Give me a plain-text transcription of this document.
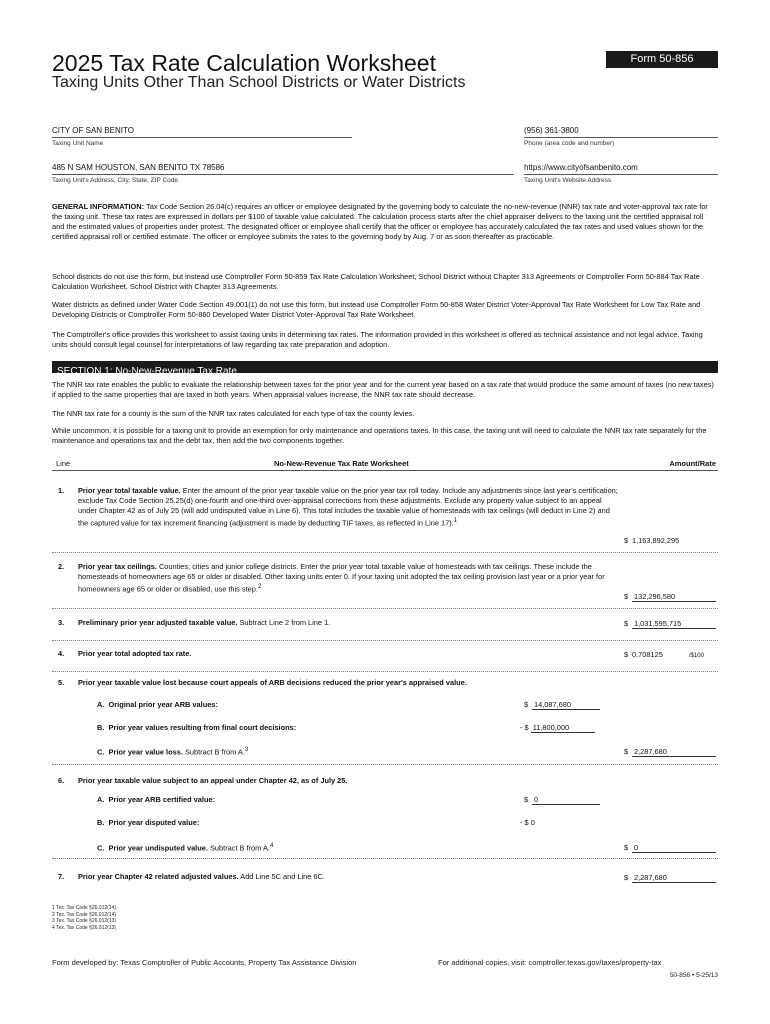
2025 Tax Rate Calculation Worksheet
Taxing Units Other Than School Districts or Water Districts
Form 50-856
CITY OF SAN BENITO
Taxing Unit Name
(956) 361-3800
Phone (area code and number)
485 N SAM HOUSTON, SAN BENITO TX 78586
Taxing Unit's Address, City, State, ZIP Code
https://www.cityofsanbenito.com
Taxing Unit's Website Address
GENERAL INFORMATION: Tax Code Section 26.04(c) requires an officer or employee designated by the governing body to calculate the no-new-revenue (NNR) tax rate and voter-approval tax rate for the taxing unit. These tax rates are expressed in dollars per $100 of taxable value calculated. The calculation process starts after the chief appraiser delivers to the taxing unit the certified appraisal roll and the estimated values of properties under protest. The designated officer or employee shall certify that the officer or employee has accurately calculated the tax rates and used values shown for the certified appraisal roll or certified estimate. The officer or employee submits the rates to the governing body by Aug. 7 or as soon thereafter as practicable.
School districts do not use this form, but instead use Comptroller Form 50-859 Tax Rate Calculation Worksheet, School District without Chapter 313 Agreements or Comptroller Form 50-884 Tax Rate Calculation Worksheet, School District with Chapter 313 Agreements.
Water districts as defined under Water Code Section 49.001(1) do not use this form, but instead use Comptroller Form 50-858 Water District Voter-Approval Tax Rate Worksheet for Low Tax Rate and Developing Districts or Comptroller Form 50-860 Developed Water District Voter-Approval Tax Rate Worksheet.
The Comptroller's office provides this worksheet to assist taxing units in determining tax rates. The information provided in this worksheet is offered as technical assistance and not legal advice. Taxing units should consult legal counsel for interpretations of law regarding tax rate preparation and adoption.
SECTION 1: No-New-Revenue Tax Rate
The NNR tax rate enables the public to evaluate the relationship between taxes for the prior year and for the current year based on a tax rate that would produce the same amount of taxes (no new taxes) if applied to the same properties that are taxed in both years. When appraisal values increase, the NNR tax rate should decrease.
The NNR tax rate for a county is the sum of the NNR tax rates calculated for each type of tax the county levies.
While uncommon, it is possible for a taxing unit to provide an exemption for only maintenance and operations taxes. In this case, the taxing unit will need to calculate the NNR tax rate separately for the maintenance and operations tax and the debt tax, then add the two components together.
Line	No-New-Revenue Tax Rate Worksheet	Amount/Rate
1. Prior year total taxable value. Enter the amount of the prior year taxable value on the prior year tax roll today. Include any adjustments since last year's certification; exclude Tax Code Section 25.25(d) one-fourth and one-third over-appraisal corrections from these adjustments. Exclude any property value subject to an appeal under Chapter 42 as of July 25 (will add undisputed value in Line 6). This total includes the taxable value of homesteads with tax ceilings (will deduct in Line 2) and the captured value for tax increment financing (adjustment is made by deducting TIF taxes, as reflected in Line 17).$^1$
$ 1,163,892,295
2. Prior year tax ceilings. Counties, cities and junior college districts. Enter the prior year total taxable value of homesteads with tax ceilings. These include the homesteads of homeowners age 65 or older or disabled. Other taxing units enter 0. If your taxing unit adopted the tax ceiling provision last year or a prior year for homeowners age 65 or older or disabled, use this step.$^2$
$ 132,296,580
3. Preliminary prior year adjusted taxable value. Subtract Line 2 from Line 1.	$ 1,031,595,715
4. Prior year total adopted tax rate.	$ 0.708125	/$100
5. Prior year taxable value lost because court appeals of ARB decisions reduced the prior year's appraised value.
A. Original prior year ARB values:	$ 14,087,680
B. Prior year values resulting from final court decisions:	- $ 11,800,000
C. Prior year value loss. Subtract B from A.$^3$	$ 2,287,680
6. Prior year taxable value subject to an appeal under Chapter 42, as of July 25.
A. Prior year ARB certified value:	$ 0
B. Prior year disputed value:	- $ 0
C. Prior year undisputed value. Subtract B from A.$^4$	$ 0
7. Prior year Chapter 42 related adjusted values. Add Line 5C and Line 6C.	$ 2,287,680
1 Tex. Tax Code §26.012(14)
2 Tex. Tax Code §26.012(14)
3 Tex. Tax Code §26.012(13)
4 Tex. Tax Code §26.012(13)
Form developed by: Texas Comptroller of Public Accounts, Property Tax Assistance Division	For additional copies, visit: comptroller.texas.gov/taxes/property-tax
50-856 • 5-25/13
